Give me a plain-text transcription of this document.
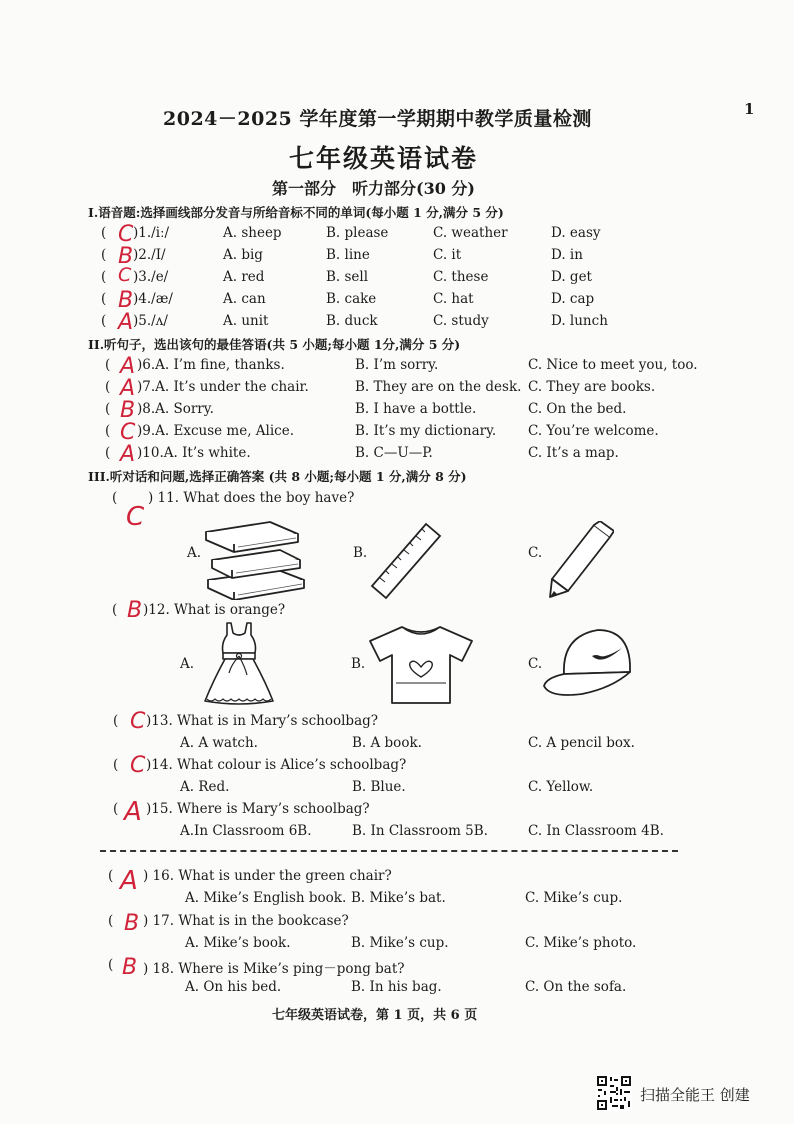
1
2024－2025 学年度第一学期期中教学质量检测
七年级英语试卷
第一部分　听力部分(30 分)
I.语音题:选择画线部分发音与所给音标不同的单词(每小题 1 分,满分 5 分)
( C )1./iː/	A. sheep	B. please	C. weather	D. easy
( B )2./I/	A. big	B. line	C. it	D. in
( C )3./e/	A. red	B. sell	C. these	D. get
( B )4./æ/	A. can	B. cake	C. hat	D. cap
( A )5./ʌ/	A. unit	B. duck	C. study	D. lunch
II.听句子，选出该句的最佳答语(共 5 小题;每小题 1分,满分 5 分)
( A )6.A. I’m fine, thanks.	B. I’m sorry.	C. Nice to meet you, too.
( A )7.A. It’s under the chair.	B. They are on the desk. C. They are books.
( B )8.A. Sorry.	B. I have a bottle.	C. On the bed.
( C )9.A. Excuse me, Alice.	B. It’s my dictionary. C. You’re welcome.
( A )10.A. It’s white.	B. C—U—P.	C. It’s a map.
III.听对话和问题,选择正确答案 (共 8 小题;每小题 1 分,满分 8 分)
( ) 11. What does the boy have?
C
A.	B.	C.
( B )12. What is orange?
A.	B.	C.
( C )13. What is in Mary’s schoolbag?
A. A watch.	B. A book.	C. A pencil box.
( C )14. What colour is Alice’s schoolbag?
A. Red.	B. Blue.	C. Yellow.
( A )15. Where is Mary’s schoolbag?
A.In Classroom 6B.	B. In Classroom 5B.	C. In Classroom 4B.
( A ) 16. What is under the green chair?
A. Mike’s English book. B. Mike’s bat.	C. Mike’s cup.
( B ) 17. What is in the bookcase?
A. Mike’s book.	B. Mike’s cup.	C. Mike’s photo.
( B ) 18. Where is Mike’s ping－pong bat?
A. On his bed.	B. In his bag.	C. On the sofa.
七年级英语试卷，第 1 页，共 6 页
扫描全能王 创建
